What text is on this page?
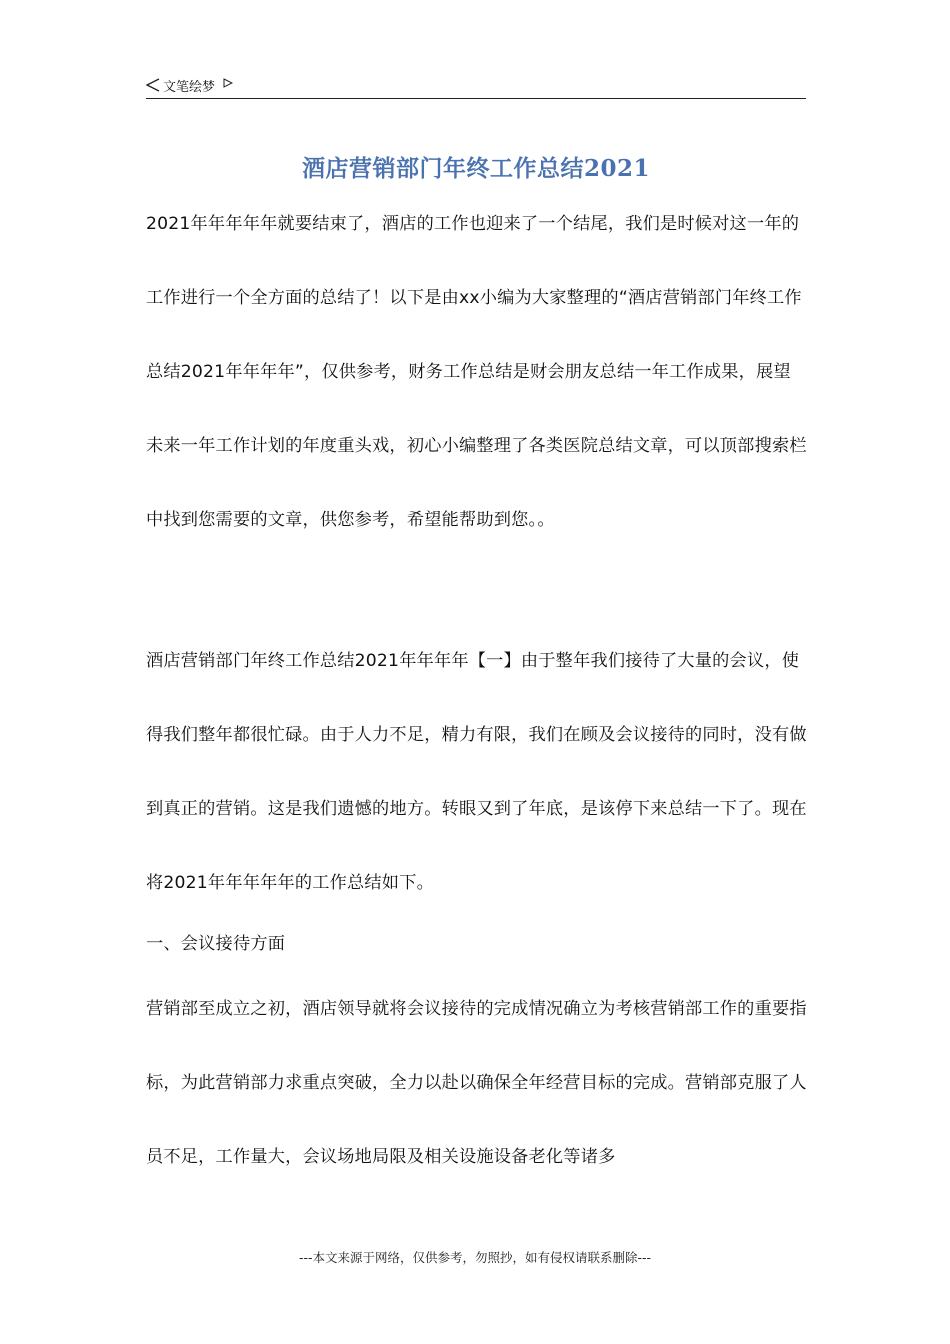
文笔绘梦
酒店营销部门年终工作总结2021

2021年年年年年就要结束了，酒店的工作也迎来了一个结尾，我们是时候对这一年的工作进行一个全方面的总结了！以下是由xx小编为大家整理的“酒店营销部门年终工作总结2021年年年年”，仅供参考，财务工作总结是财会朋友总结一年工作成果，展望未来一年工作计划的年度重头戏，初心小编整理了各类医院总结文章，可以顶部搜索栏中找到您需要的文章，供您参考，希望能帮助到您。。

酒店营销部门年终工作总结2021年年年年【一】由于整年我们接待了大量的会议，使得我们整年都很忙碌。由于人力不足，精力有限，我们在顾及会议接待的同时，没有做到真正的营销。这是我们遗憾的地方。转眼又到了年底，是该停下来总结一下了。现在将2021年年年年年的工作总结如下。

一、会议接待方面

营销部至成立之初，酒店领导就将会议接待的完成情况确立为考核营销部工作的重要指标，为此营销部力求重点突破，全力以赴以确保全年经营目标的完成。营销部克服了人员不足，工作量大，会议场地局限及相关设施设备老化等诸多

---本文来源于网络，仅供参考，勿照抄，如有侵权请联系删除---
